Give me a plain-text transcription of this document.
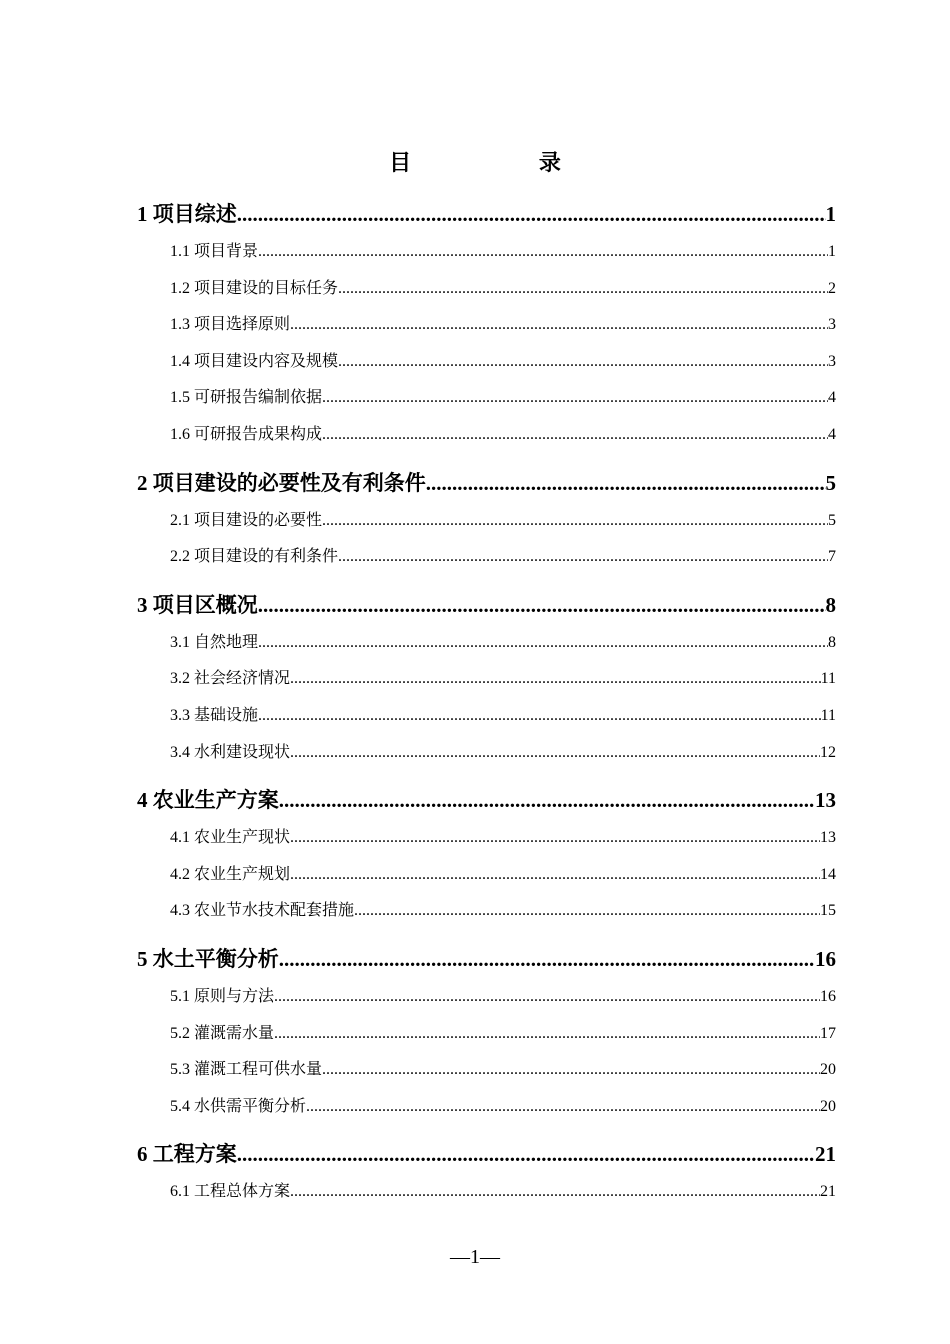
目 录
1 项目综述 .....	1
1.1 项目背景 .....	1
1.2 项目建设的目标任务 .....	2
1.3 项目选择原则 .....	3
1.4 项目建设内容及规模 .....	3
1.5 可研报告编制依据 .....	4
1.6 可研报告成果构成 .....	4
2 项目建设的必要性及有利条件 .....	5
2.1 项目建设的必要性 .....	5
2.2 项目建设的有利条件 .....	7
3 项目区概况 .....	8
3.1 自然地理 .....	8
3.2 社会经济情况 .....	11
3.3 基础设施 .....	11
3.4 水利建设现状 .....	12
4 农业生产方案 .....	13
4.1 农业生产现状 .....	13
4.2 农业生产规划 .....	14
4.3 农业节水技术配套措施 .....	15
5 水土平衡分析 .....	16
5.1 原则与方法 .....	16
5.2 灌溉需水量 .....	17
5.3 灌溉工程可供水量 .....	20
5.4 水供需平衡分析 .....	20
6 工程方案 .....	21
6.1 工程总体方案 .....	21
—1—
